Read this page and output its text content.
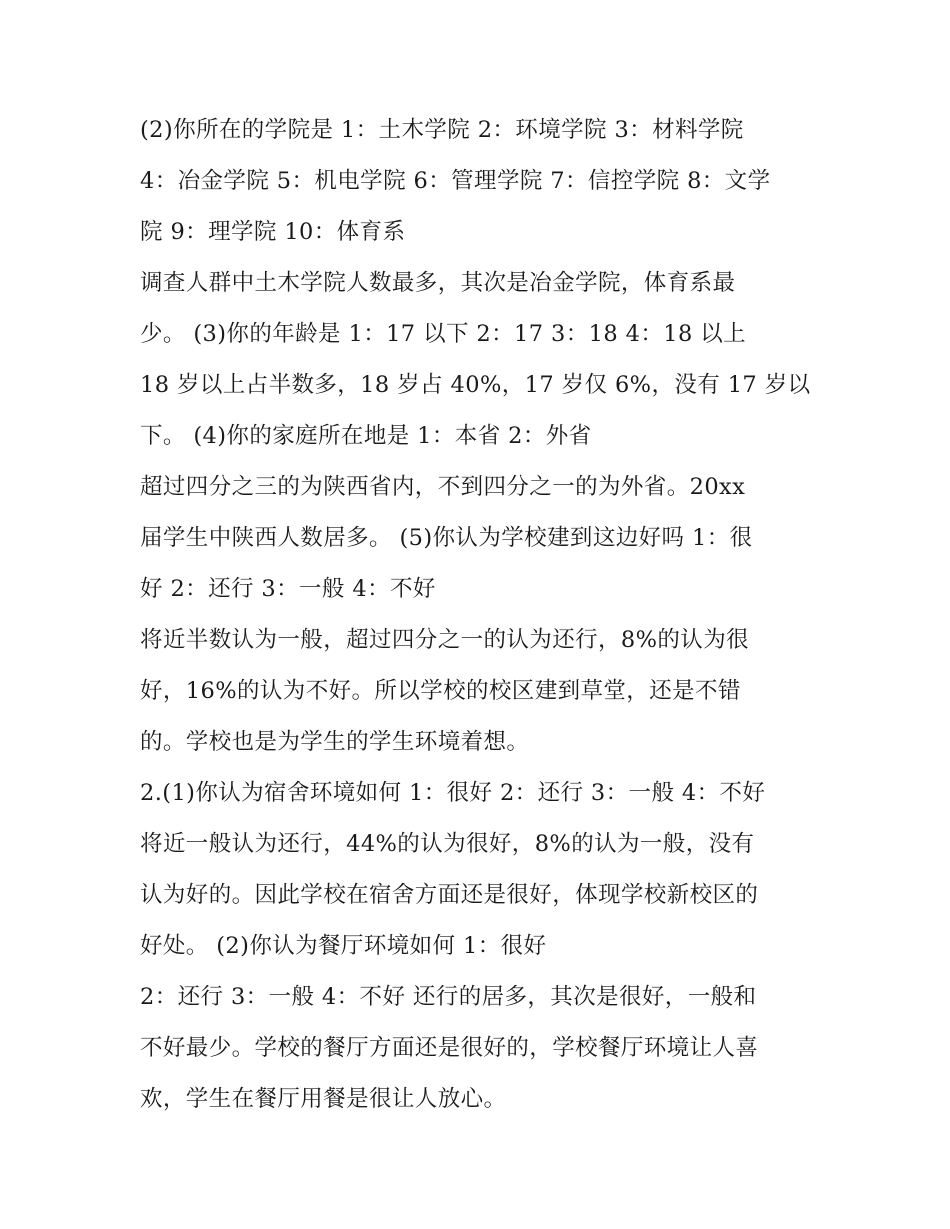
(2)你所在的学院是 1：土木学院 2：环境学院 3：材料学院
4：冶金学院 5：机电学院 6：管理学院 7：信控学院 8：文学
院 9：理学院 10：体育系
调查人群中土木学院人数最多，其次是冶金学院，体育系最
少。 (3)你的年龄是 1：17 以下 2：17 3：18 4：18 以上
18 岁以上占半数多，18 岁占 40%，17 岁仅 6%，没有 17 岁以
下。 (4)你的家庭所在地是 1：本省 2：外省
超过四分之三的为陕西省内，不到四分之一的为外省。20xx
届学生中陕西人数居多。 (5)你认为学校建到这边好吗 1：很
好 2：还行 3：一般 4：不好
将近半数认为一般，超过四分之一的认为还行，8%的认为很
好，16%的认为不好。所以学校的校区建到草堂，还是不错
的。学校也是为学生的学生环境着想。
2.(1)你认为宿舍环境如何 1：很好 2：还行 3：一般 4：不好
将近一般认为还行，44%的认为很好，8%的认为一般，没有
认为好的。因此学校在宿舍方面还是很好，体现学校新校区的
好处。 (2)你认为餐厅环境如何 1：很好
2：还行 3：一般 4：不好 还行的居多，其次是很好，一般和
不好最少。学校的餐厅方面还是很好的，学校餐厅环境让人喜
欢，学生在餐厅用餐是很让人放心。
